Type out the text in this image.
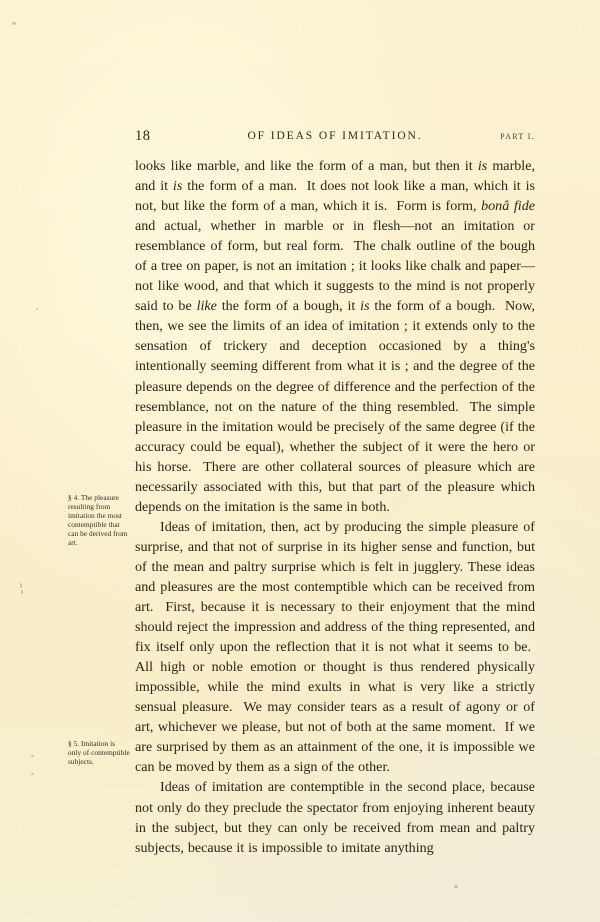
18	OF IDEAS OF IMITATION.	PART I.

looks like marble, and like the form of a man, but then it is marble, and it is the form of a man.  It does not look like a man, which it is not, but like the form of a man, which it is.  Form is form, bonâ fide and actual, whether in marble or in flesh—not an imitation or resemblance of form, but real form.  The chalk outline of the bough of a tree on paper, is not an imitation ; it looks like chalk and paper—not like wood, and that which it suggests to the mind is not properly said to be like the form of a bough, it is the form of a bough.  Now, then, we see the limits of an idea of imitation ; it extends only to the sensation of trickery and deception occasioned by a thing's intentionally seeming different from what it is ; and the degree of the pleasure depends on the degree of difference and the perfection of the resemblance, not on the nature of the thing resembled.  The simple pleasure in the imitation would be precisely of the same degree (if the accuracy could be equal), whether the subject of it were the hero or his horse.  There are other collateral sources of pleasure which are necessarily associated with this, but that part of the pleasure which depends on the imitation is the same in both.

Ideas of imitation, then, act by producing the simple pleasure of surprise, and that not of surprise in its higher sense and function, but of the mean and paltry surprise which is felt in jugglery. These ideas and pleasures are the most contemptible which can be received from art.  First, because it is necessary to their enjoyment that the mind should reject the impression and address of the thing represented, and fix itself only upon the reflection that it is not what it seems to be.  All high or noble emotion or thought is thus rendered physically impossible, while the mind exults in what is very like a strictly sensual pleasure.  We may consider tears as a result of agony or of art, whichever we please, but not of both at the same moment.  If we are surprised by them as an attainment of the one, it is impossible we can be moved by them as a sign of the other.

Ideas of imitation are contemptible in the second place, because not only do they preclude the spectator from enjoying inherent beauty in the subject, but they can only be received from mean and paltry subjects, because it is impossible to imitate anything

§ 4. The pleasure resulting from imitation the most contemptible that can be derived from art.
§ 5. Imitation is only of contemptible subjects.
